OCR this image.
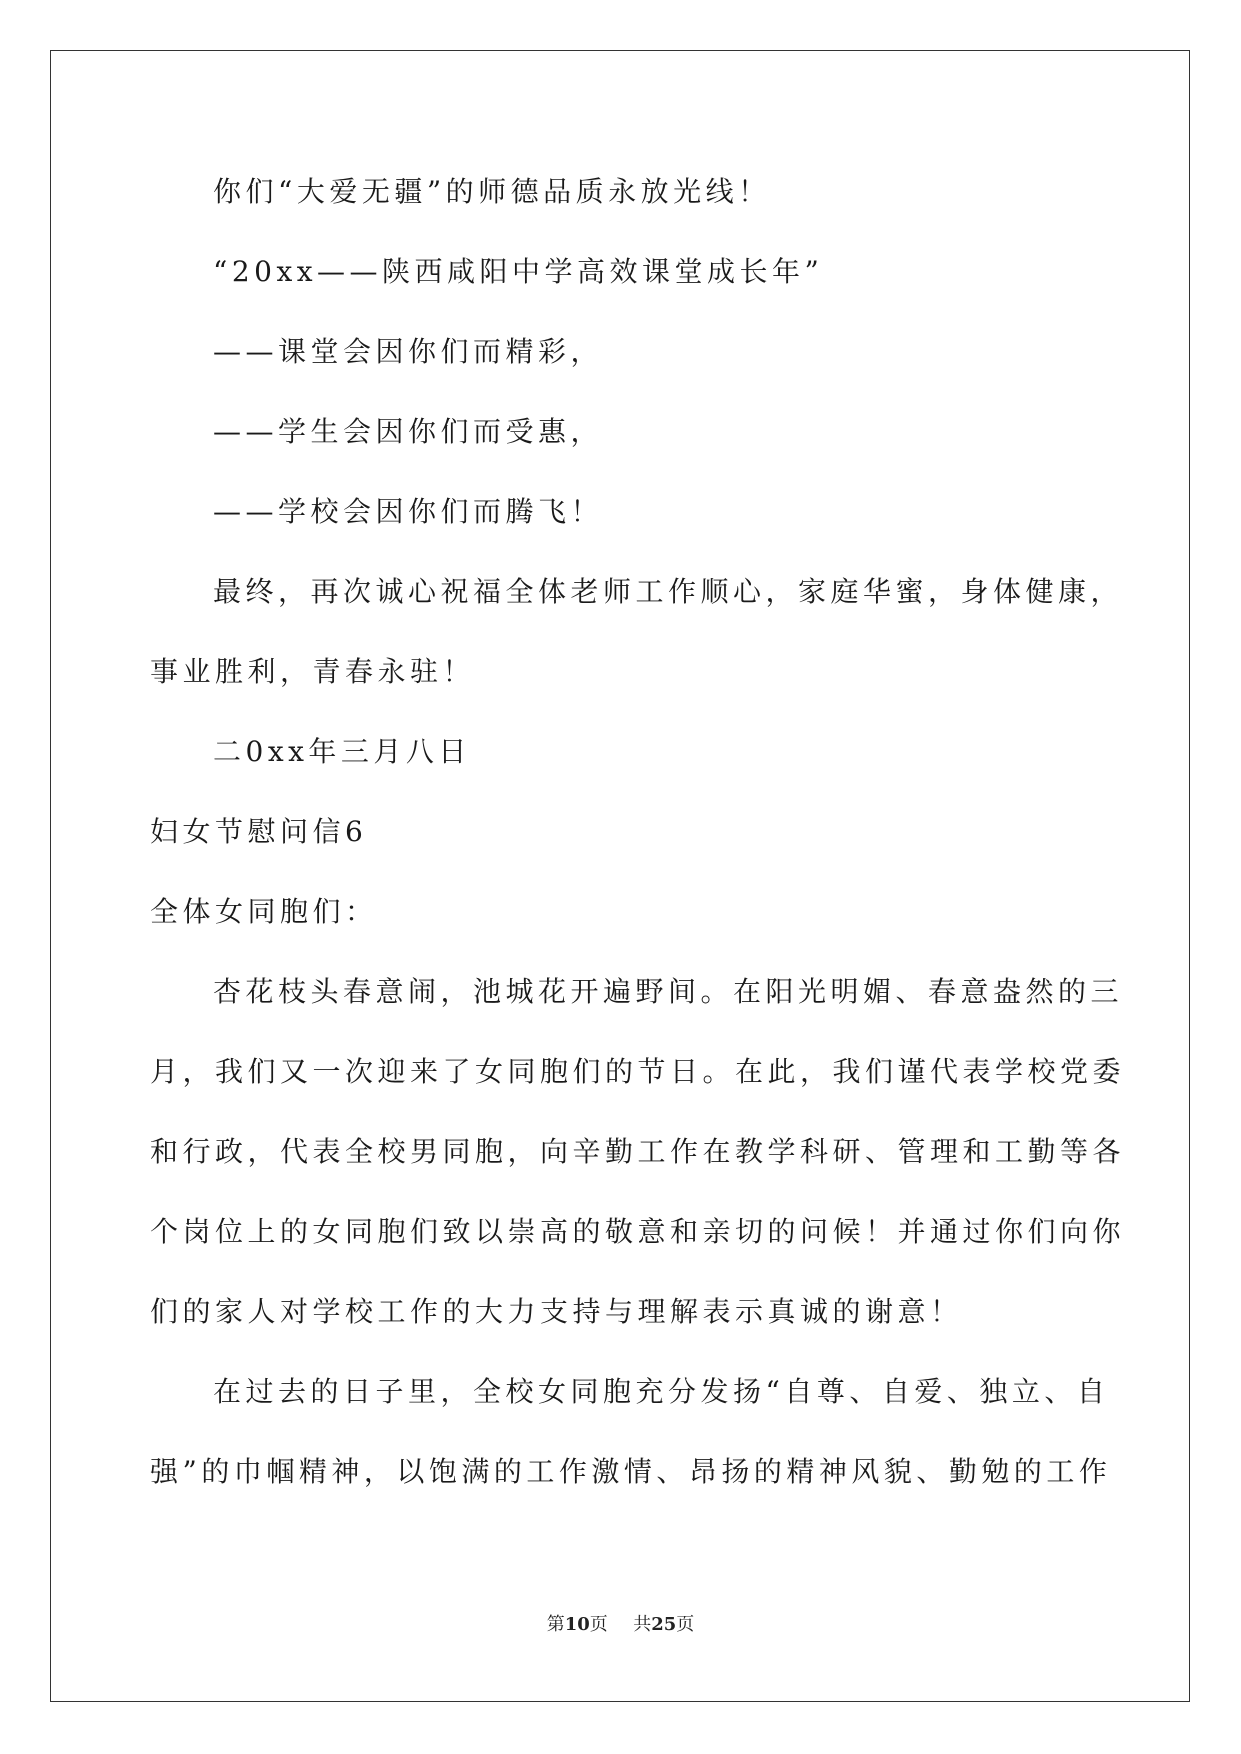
你们“大爱无疆”的师德品质永放光线！
“20xx——陕西咸阳中学高效课堂成长年”
——课堂会因你们而精彩，
——学生会因你们而受惠，
——学校会因你们而腾飞！
最终，再次诚心祝福全体老师工作顺心，家庭华蜜，身体健康，
事业胜利，青春永驻！
二0xx年三月八日
妇女节慰问信6
全体女同胞们：
杏花枝头春意闹，池城花开遍野间。在阳光明媚、春意盎然的三
月，我们又一次迎来了女同胞们的节日。在此，我们谨代表学校党委
和行政，代表全校男同胞，向辛勤工作在教学科研、管理和工勤等各
个岗位上的女同胞们致以崇高的敬意和亲切的问候！并通过你们向你
们的家人对学校工作的大力支持与理解表示真诚的谢意！
在过去的日子里，全校女同胞充分发扬“自尊、自爱、独立、自
强”的巾帼精神，以饱满的工作激情、昂扬的精神风貌、勤勉的工作
第10页 共25页
